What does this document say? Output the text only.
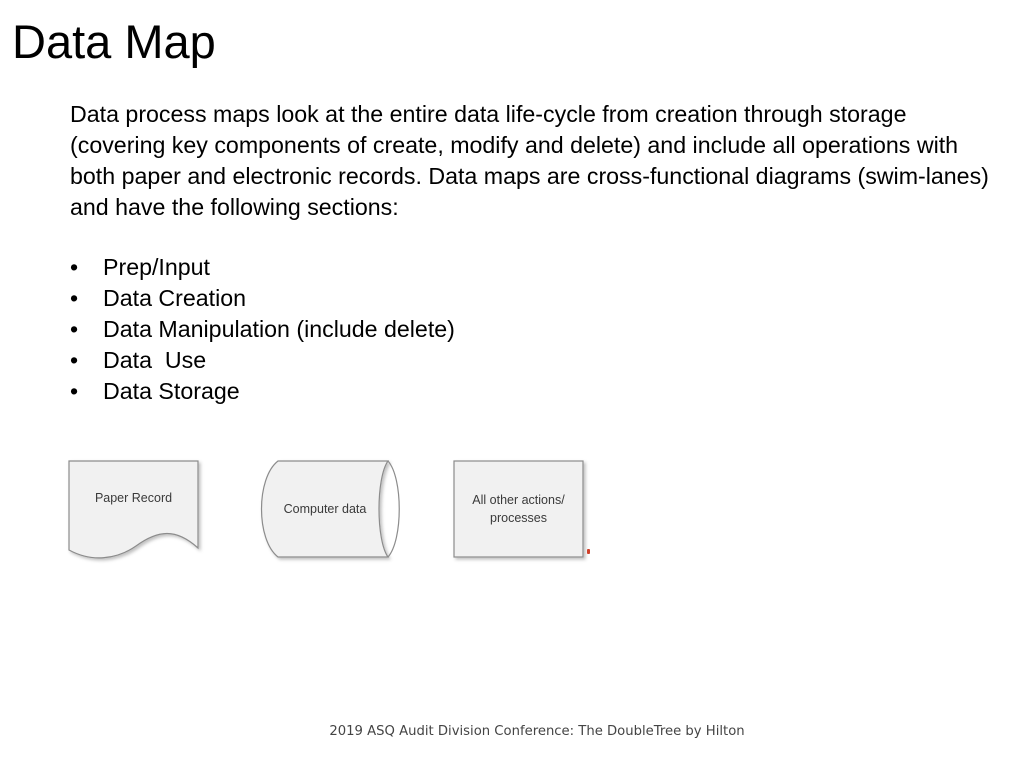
Data Map

Data process maps look at the entire data life-cycle from creation through storage (covering key components of create, modify and delete) and include all operations with both paper and electronic records. Data maps are cross-functional diagrams (swim-lanes) and have the following sections:

• Prep/Input
• Data Creation
• Data Manipulation (include delete)
• Data  Use
• Data Storage
Paper Record
Computer data
All other actions/
processes
2019 ASQ Audit Division Conference: The DoubleTree by Hilton
